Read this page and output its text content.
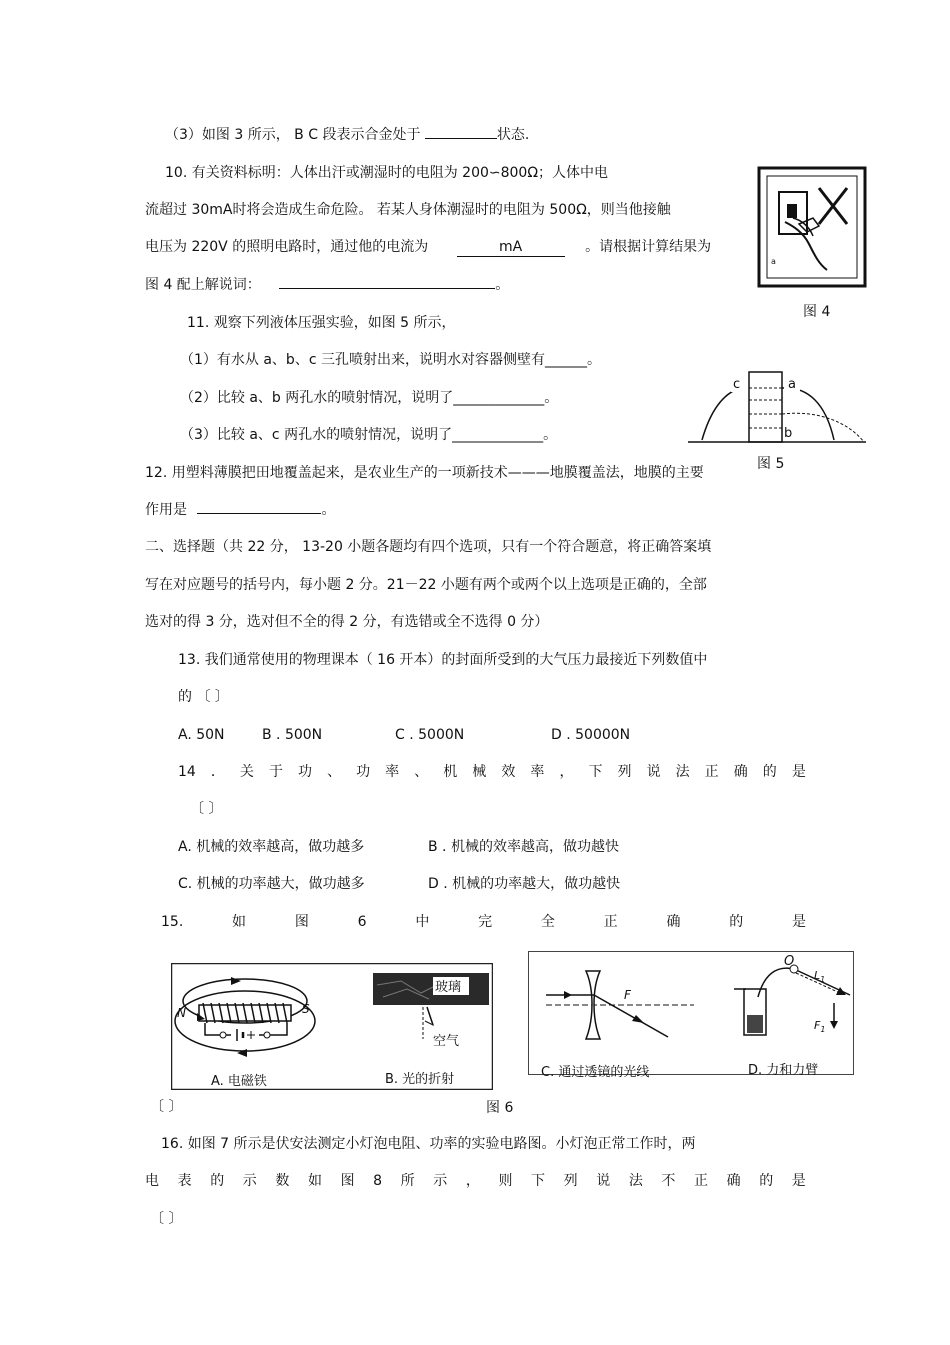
（3）如图 3 所示， B C 段表示合金处于	状态.
10. 有关资料标明：人体出汗或潮湿时的电阻为 200∽800Ω；人体中电
流超过 30mA时将会造成生命危险。 若某人身体潮湿时的电阻为 500Ω，则当他接触
电压为 220V 的照明电路时，通过他的电流为	mA	。请根据计算结果为
图 4 配上解说词：	。
a
图 4
11. 观察下列液体压强实验，如图 5 所示，
（1）有水从 a、b、c 三孔喷射出来，说明水对容器侧壁有______。
（2）比较 a、b 两孔水的喷射情况，说明了_____________。
（3）比较 a、c 两孔水的喷射情况，说明了_____________。
c	a
b
图 5
12. 用塑料薄膜把田地覆盖起来，是农业生产的一项新技术———地膜覆盖法，地膜的主要
作用是	。
二、选择题（共 22 分， 13-20 小题各题均有四个选项，只有一个符合题意，将正确答案填
写在对应题号的括号内，每小题 2 分。21－22 小题有两个或两个以上选项是正确的，全部
选对的得 3 分，选对但不全的得 2 分，有选错或全不选得 0 分）
13. 我们通常使用的物理课本（ 16 开本）的封面所受到的大气压力最接近下列数值中
的 〔 〕
A. 50N	B . 500N	C . 5000N	D . 50000N
14 ． 关 于 功 、 功 率 、 机 械 效 率 ， 下 列 说 法 正 确 的 是
〔 〕
A. 机械的效率越高，做功越多	B . 机械的效率越高，做功越快
C. 机械的功率越大，做功越多	D . 机械的功率越大，做功越快
15.	如	图	6	中	完	全	正	确	的	是
N	S
玻璃
空气
A. 电磁铁	B. 光的折射
F
O
$L_1$
$F_1$
C. 通过透镜的光线	D. 力和力臂
〔 〕	图 6
16. 如图 7 所示是伏安法测定小灯泡电阻、功率的实验电路图。小灯泡正常工作时，两
电 表 的 示 数 如 图 8 所 示 ， 则 下 列 说 法 不 正 确 的 是
〔 〕
